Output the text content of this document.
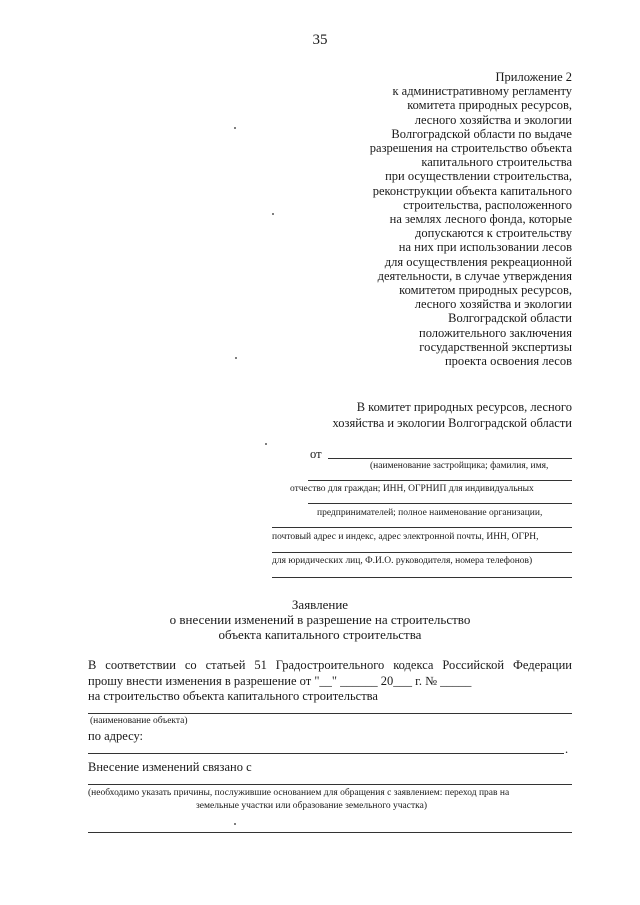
35
Приложение 2
к административному регламенту
комитета природных ресурсов,
лесного хозяйства и экологии
Волгоградской области по выдаче
разрешения на строительство объекта
капитального строительства
при осуществлении строительства,
реконструкции объекта капитального
строительства, расположенного
на землях лесного фонда, которые
допускаются к строительству
на них при использовании лесов
для осуществления рекреационной
деятельности, в случае утверждения
комитетом природных ресурсов,
лесного хозяйства и экологии
Волгоградской области
положительного заключения
государственной экспертизы
проекта освоения лесов
В комитет природных ресурсов, лесного
хозяйства и экологии Волгоградской области
от
(наименование застройщика; фамилия, имя,
отчество для граждан; ИНН, ОГРНИП для индивидуальных
предпринимателей; полное наименование организации,
почтовый адрес и индекс, адрес электронной почты, ИНН, ОГРН,
для юридических лиц, Ф.И.О. руководителя, номера телефонов)
Заявление
о внесении изменений в разрешение на строительство
объекта капитального строительства
В соответствии со статьей 51 Градостроительного кодекса Российской Федерации
прошу внести изменения в разрешение от "__" ______ 20___ г. № _____
на строительство объекта капитального строительства
(наименование объекта)
по адресу:
.
Внесение изменений связано с
(необходимо указать причины, послужившие основанием для обращения с заявлением: переход прав на
земельные участки или образование земельного участка)
